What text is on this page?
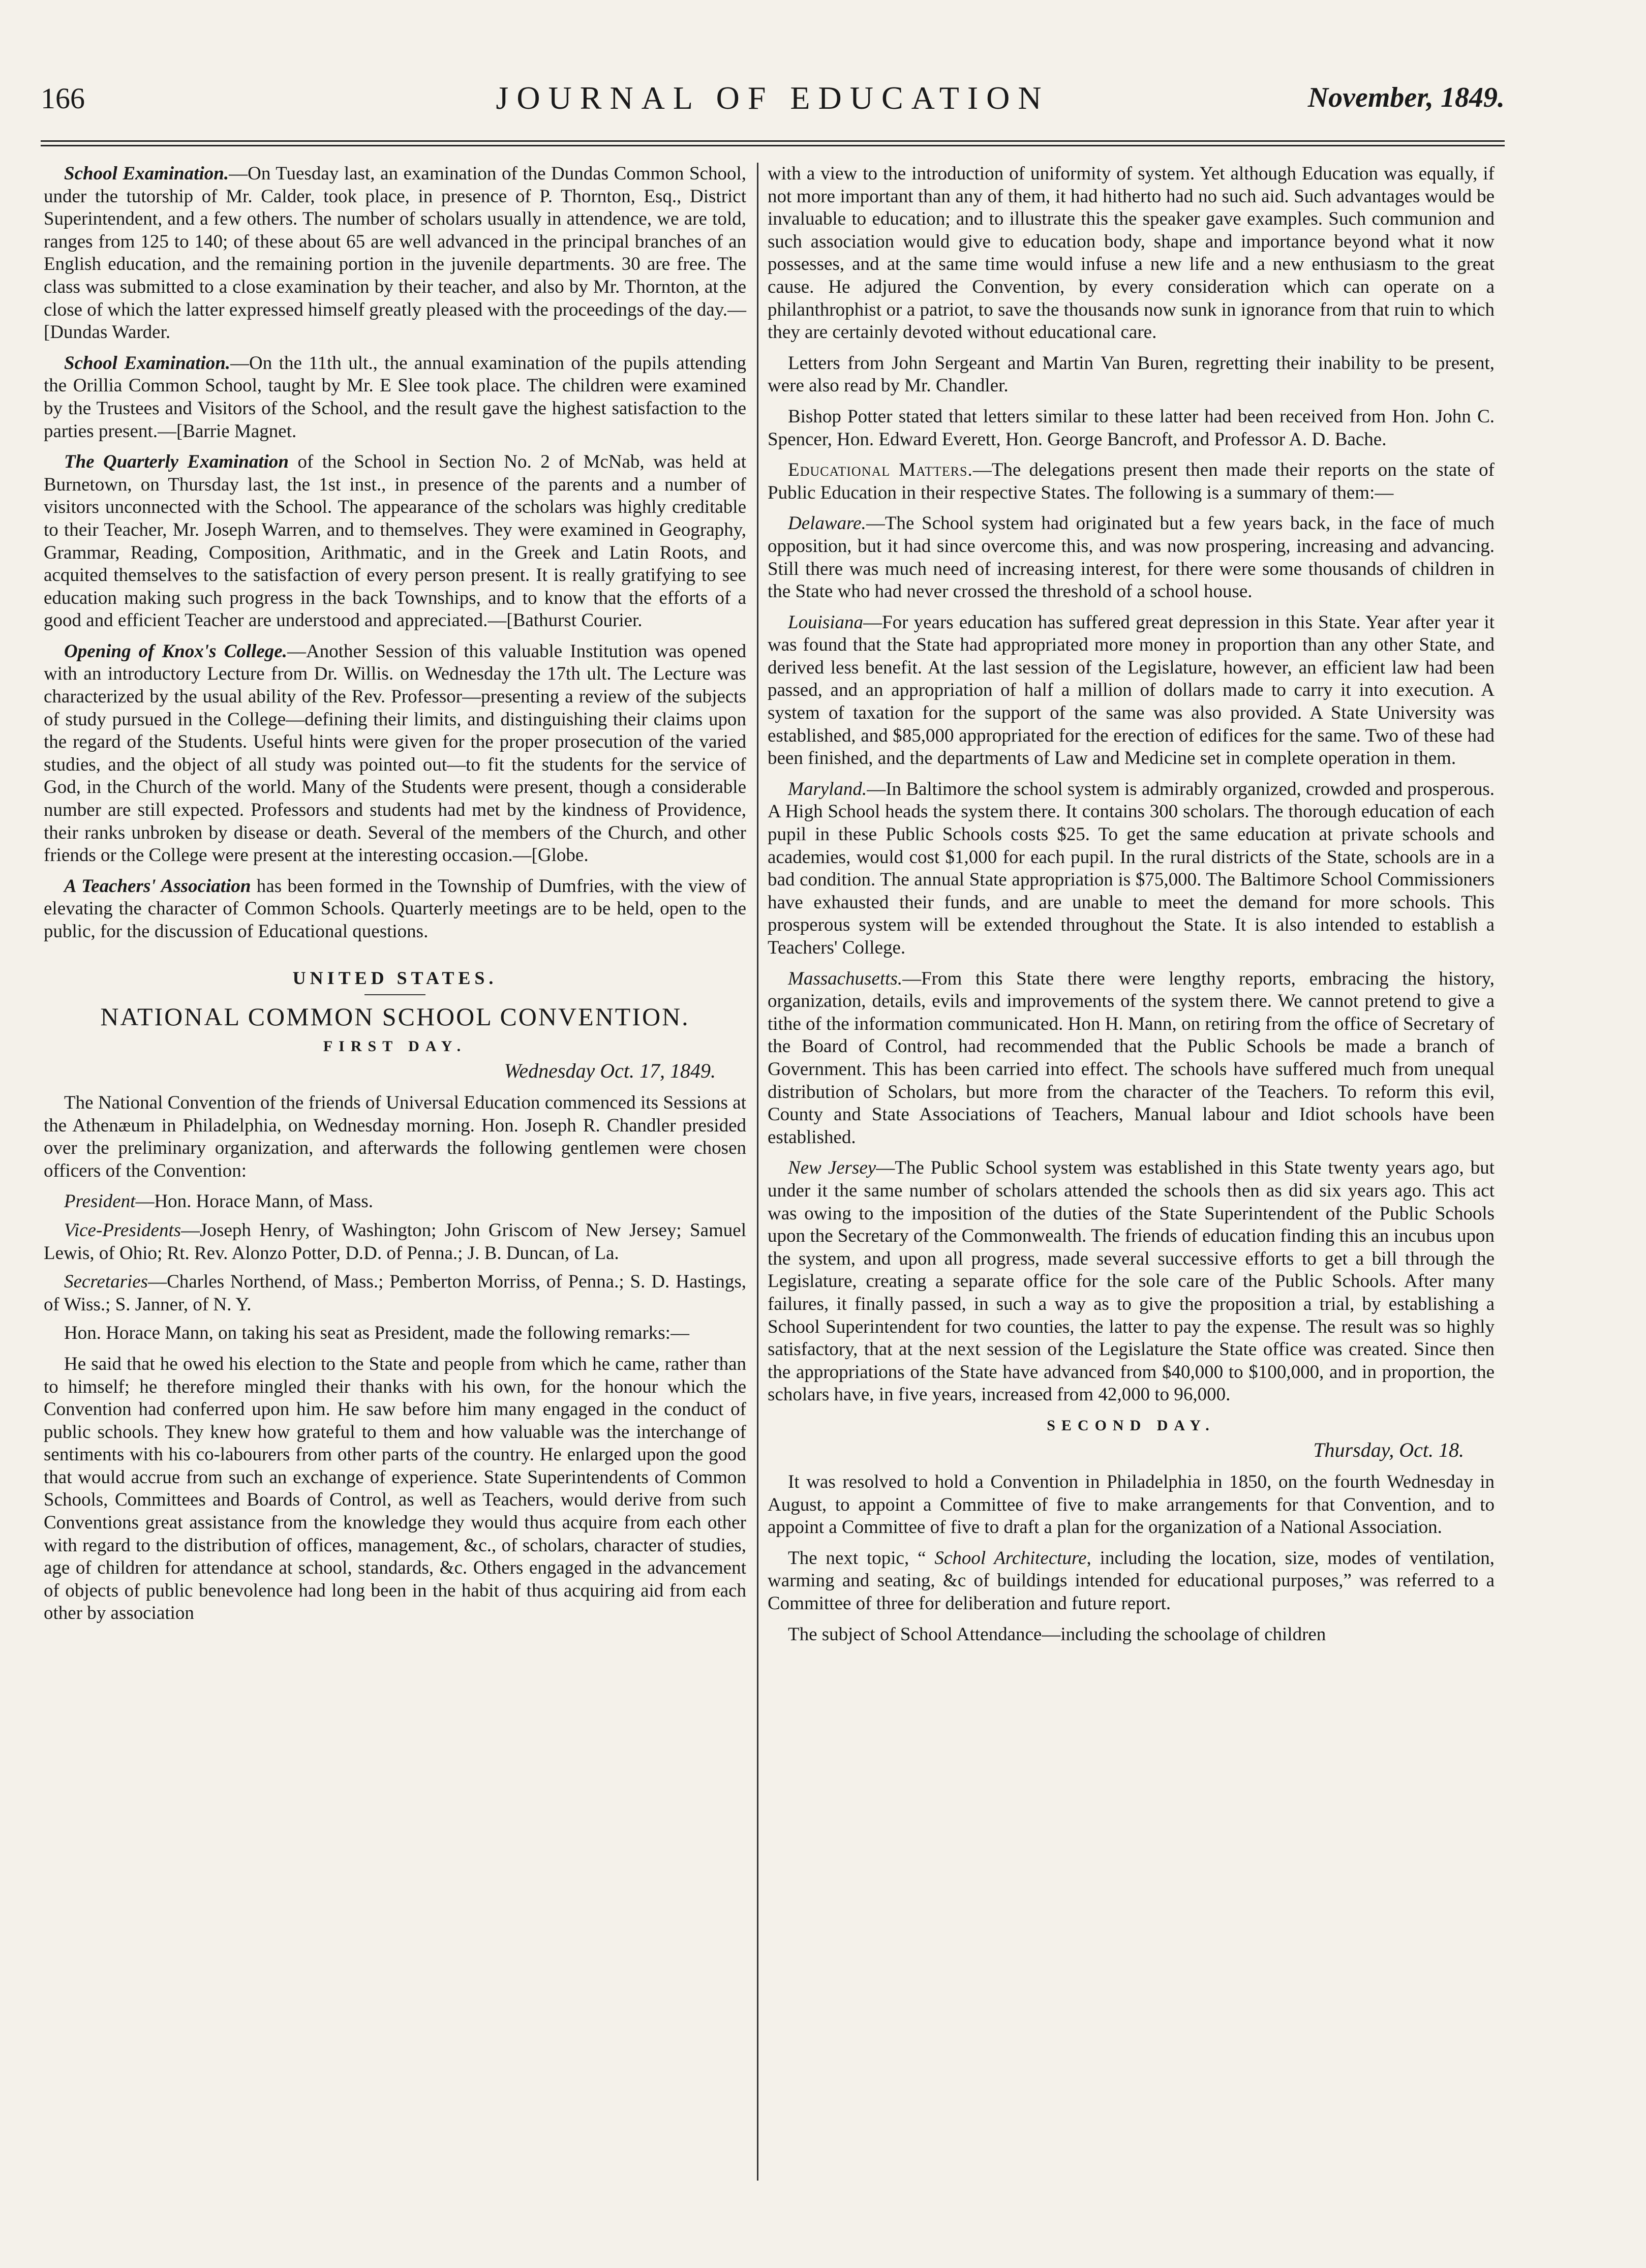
166	JOURNAL OF EDUCATION	November, 1849.

School Examination.—On Tuesday last, an examination of the Dundas Common School, under the tutorship of Mr. Calder, took place, in presence of P. Thornton, Esq., District Superintendent, and a few others. The number of scholars usually in attendence, we are told, ranges from 125 to 140; of these about 65 are well advanced in the principal branches of an English education, and the remaining portion in the juvenile departments. 30 are free. The class was submitted to a close examination by their teacher, and also by Mr. Thornton, at the close of which the latter expressed himself greatly pleased with the proceedings of the day.—[Dundas Warder.

School Examination.—On the 11th ult., the annual examination of the pupils attending the Orillia Common School, taught by Mr. E Slee took place. The children were examined by the Trustees and Visitors of the School, and the result gave the highest satisfaction to the parties present.—[Barrie Magnet.

The Quarterly Examination of the School in Section No. 2 of McNab, was held at Burnetown, on Thursday last, the 1st inst., in presence of the parents and a number of visitors unconnected with the School. The appearance of the scholars was highly creditable to their Teacher, Mr. Joseph Warren, and to themselves. They were examined in Geography, Grammar, Reading, Composition, Arithmatic, and in the Greek and Latin Roots, and acquited themselves to the satisfaction of every person present. It is really gratifying to see education making such progress in the back Townships, and to know that the efforts of a good and efficient Teacher are understood and appreciated.—[Bathurst Courier.

Opening of Knox's College.—Another Session of this valuable Institution was opened with an introductory Lecture from Dr. Willis. on Wednesday the 17th ult. The Lecture was characterized by the usual ability of the Rev. Professor—presenting a review of the subjects of study pursued in the College—defining their limits, and distinguishing their claims upon the regard of the Students. Useful hints were given for the proper prosecution of the varied studies, and the object of all study was pointed out—to fit the students for the service of God, in the Church of the world. Many of the Students were present, though a considerable number are still expected. Professors and students had met by the kindness of Providence, their ranks unbroken by disease or death. Several of the members of the Church, and other friends or the College were present at the interesting occasion.—[Globe.

A Teachers' Association has been formed in the Township of Dumfries, with the view of elevating the character of Common Schools. Quarterly meetings are to be held, open to the public, for the discussion of Educational questions.

UNITED STATES.
NATIONAL COMMON SCHOOL CONVENTION.
FIRST DAY.
Wednesday Oct. 17, 1849.

The National Convention of the friends of Universal Education commenced its Sessions at the Athenæum in Philadelphia, on Wednesday morning. Hon. Joseph R. Chandler presided over the preliminary organization, and afterwards the following gentlemen were chosen officers of the Convention:

President—Hon. Horace Mann, of Mass.

Vice-Presidents—Joseph Henry, of Washington; John Griscom of New Jersey; Samuel Lewis, of Ohio; Rt. Rev. Alonzo Potter, D.D. of Penna.; J. B. Duncan, of La.

Secretaries—Charles Northend, of Mass.; Pemberton Morriss, of Penna.; S. D. Hastings, of Wiss.; S. Janner, of N. Y.

Hon. Horace Mann, on taking his seat as President, made the following remarks:—

He said that he owed his election to the State and people from which he came, rather than to himself; he therefore mingled their thanks with his own, for the honour which the Convention had conferred upon him. He saw before him many engaged in the conduct of public schools. They knew how grateful to them and how valuable was the interchange of sentiments with his co-labourers from other parts of the country. He enlarged upon the good that would accrue from such an exchange of experience. State Superintendents of Common Schools, Committees and Boards of Control, as well as Teachers, would derive from such Conventions great assistance from the knowledge they would thus acquire from each other with regard to the distribution of offices, management, &c., of scholars, character of studies, age of children for attendance at school, standards, &c. Others engaged in the advancement of objects of public benevolence had long been in the habit of thus acquiring aid from each other by association

with a view to the introduction of uniformity of system. Yet although Education was equally, if not more important than any of them, it had hitherto had no such aid. Such advantages would be invaluable to education; and to illustrate this the speaker gave examples. Such communion and such association would give to education body, shape and importance beyond what it now possesses, and at the same time would infuse a new life and a new enthusiasm to the great cause. He adjured the Convention, by every consideration which can operate on a philanthrophist or a patriot, to save the thousands now sunk in ignorance from that ruin to which they are certainly devoted without educational care.

Letters from John Sergeant and Martin Van Buren, regretting their inability to be present, were also read by Mr. Chandler.

Bishop Potter stated that letters similar to these latter had been received from Hon. John C. Spencer, Hon. Edward Everett, Hon. George Bancroft, and Professor A. D. Bache.

Educational Matters.—The delegations present then made their reports on the state of Public Education in their respective States. The following is a summary of them:—

Delaware.—The School system had originated but a few years back, in the face of much opposition, but it had since overcome this, and was now prospering, increasing and advancing. Still there was much need of increasing interest, for there were some thousands of children in the State who had never crossed the threshold of a school house.

Louisiana—For years education has suffered great depression in this State. Year after year it was found that the State had appropriated more money in proportion than any other State, and derived less benefit. At the last session of the Legislature, however, an efficient law had been passed, and an appropriation of half a million of dollars made to carry it into execution. A system of taxation for the support of the same was also provided. A State University was established, and $85,000 appropriated for the erection of edifices for the same. Two of these had been finished, and the departments of Law and Medicine set in complete operation in them.

Maryland.—In Baltimore the school system is admirably organized, crowded and prosperous. A High School heads the system there. It contains 300 scholars. The thorough education of each pupil in these Public Schools costs $25. To get the same education at private schools and academies, would cost $1,000 for each pupil. In the rural districts of the State, schools are in a bad condition. The annual State appropriation is $75,000. The Baltimore School Commissioners have exhausted their funds, and are unable to meet the demand for more schools. This prosperous system will be extended throughout the State. It is also intended to establish a Teachers' College.

Massachusetts.—From this State there were lengthy reports, embracing the history, organization, details, evils and improvements of the system there. We cannot pretend to give a tithe of the information communicated. Hon H. Mann, on retiring from the office of Secretary of the Board of Control, had recommended that the Public Schools be made a branch of Government. This has been carried into effect. The schools have suffered much from unequal distribution of Scholars, but more from the character of the Teachers. To reform this evil, County and State Associations of Teachers, Manual labour and Idiot schools have been established.

New Jersey—The Public School system was established in this State twenty years ago, but under it the same number of scholars attended the schools then as did six years ago. This act was owing to the imposition of the duties of the State Superintendent of the Public Schools upon the Secretary of the Commonwealth. The friends of education finding this an incubus upon the system, and upon all progress, made several successive efforts to get a bill through the Legislature, creating a separate office for the sole care of the Public Schools. After many failures, it finally passed, in such a way as to give the proposition a trial, by establishing a School Superintendent for two counties, the latter to pay the expense. The result was so highly satisfactory, that at the next session of the Legislature the State office was created. Since then the appropriations of the State have advanced from $40,000 to $100,000, and in proportion, the scholars have, in five years, increased from 42,000 to 96,000.

SECOND DAY.
Thursday, Oct. 18.

It was resolved to hold a Convention in Philadelphia in 1850, on the fourth Wednesday in August, to appoint a Committee of five to make arrangements for that Convention, and to appoint a Committee of five to draft a plan for the organization of a National Association.

The next topic, “ School Architecture, including the location, size, modes of ventilation, warming and seating, &c of buildings intended for educational purposes,” was referred to a Committee of three for deliberation and future report.

The subject of School Attendance—including the schoolage of children
